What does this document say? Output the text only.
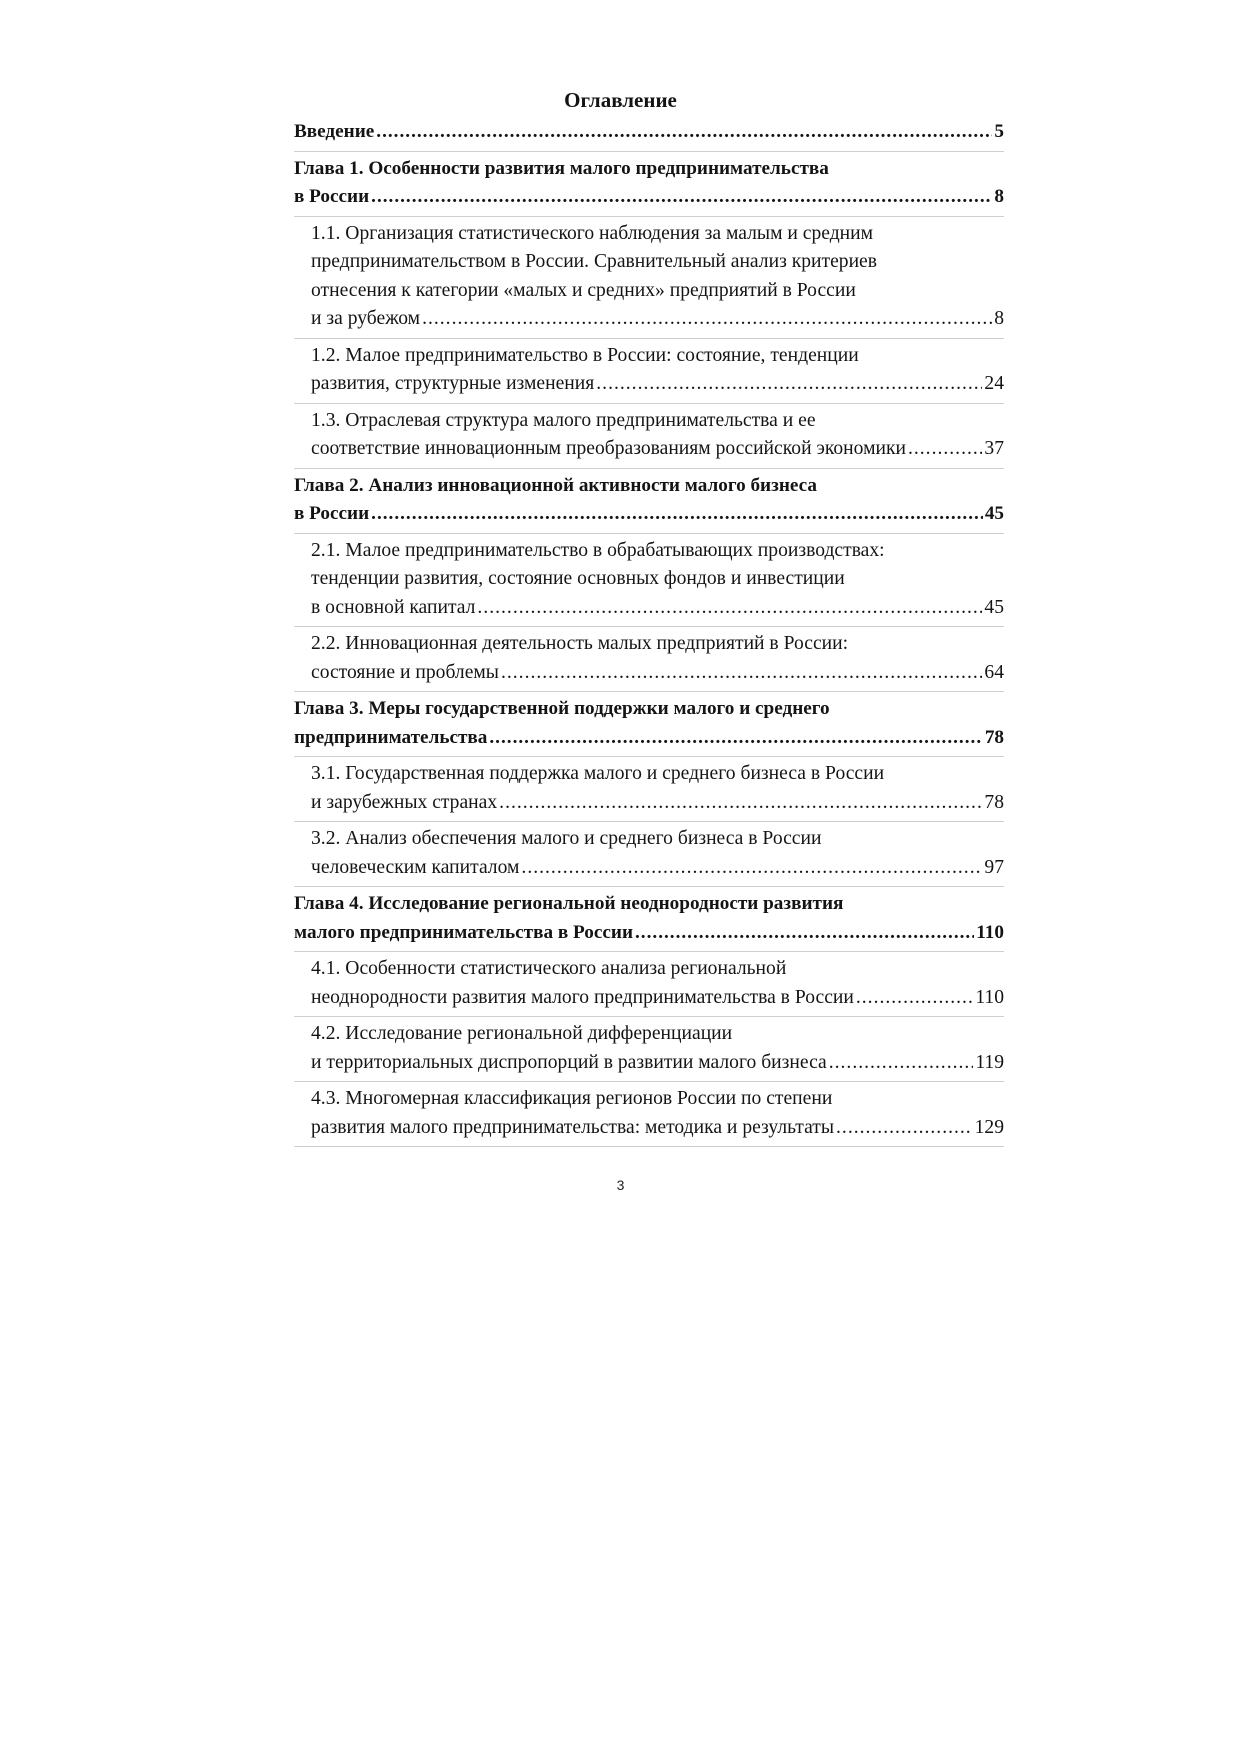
Оглавление
Введение .....	5
Глава 1. Особенности развития малого предпринимательства
в России .....	8
1.1. Организация статистического наблюдения за малым и средним
предпринимательством в России. Сравнительный анализ критериев
отнесения к категории «малых и средних» предприятий в России
и за рубежом .....	8
1.2. Малое предпринимательство в России: состояние, тенденции
развития, структурные изменения .....	24
1.3. Отраслевая структура малого предпринимательства и ее
соответствие инновационным преобразованиям российской экономики .....	37
Глава 2. Анализ инновационной активности малого бизнеса
в России .....	45
2.1. Малое предпринимательство в обрабатывающих производствах:
тенденции развития, состояние основных фондов и инвестиции
в основной капитал .....	45
2.2. Инновационная деятельность малых предприятий в России:
состояние и проблемы .....	64
Глава 3. Меры государственной поддержки малого и среднего
предпринимательства .....	78
3.1. Государственная поддержка малого и среднего бизнеса в России
и зарубежных странах .....	78
3.2. Анализ обеспечения малого и среднего бизнеса в России
человеческим капиталом .....	97
Глава 4. Исследование региональной неоднородности развития
малого предпринимательства в России .....	110
4.1. Особенности статистического анализа региональной
неоднородности развития малого предпринимательства в России .....	110
4.2. Исследование региональной дифференциации
и территориальных диспропорций в развитии малого бизнеса .....	119
4.3. Многомерная классификация регионов России по степени
развития малого предпринимательства: методика и результаты .....	129
3
